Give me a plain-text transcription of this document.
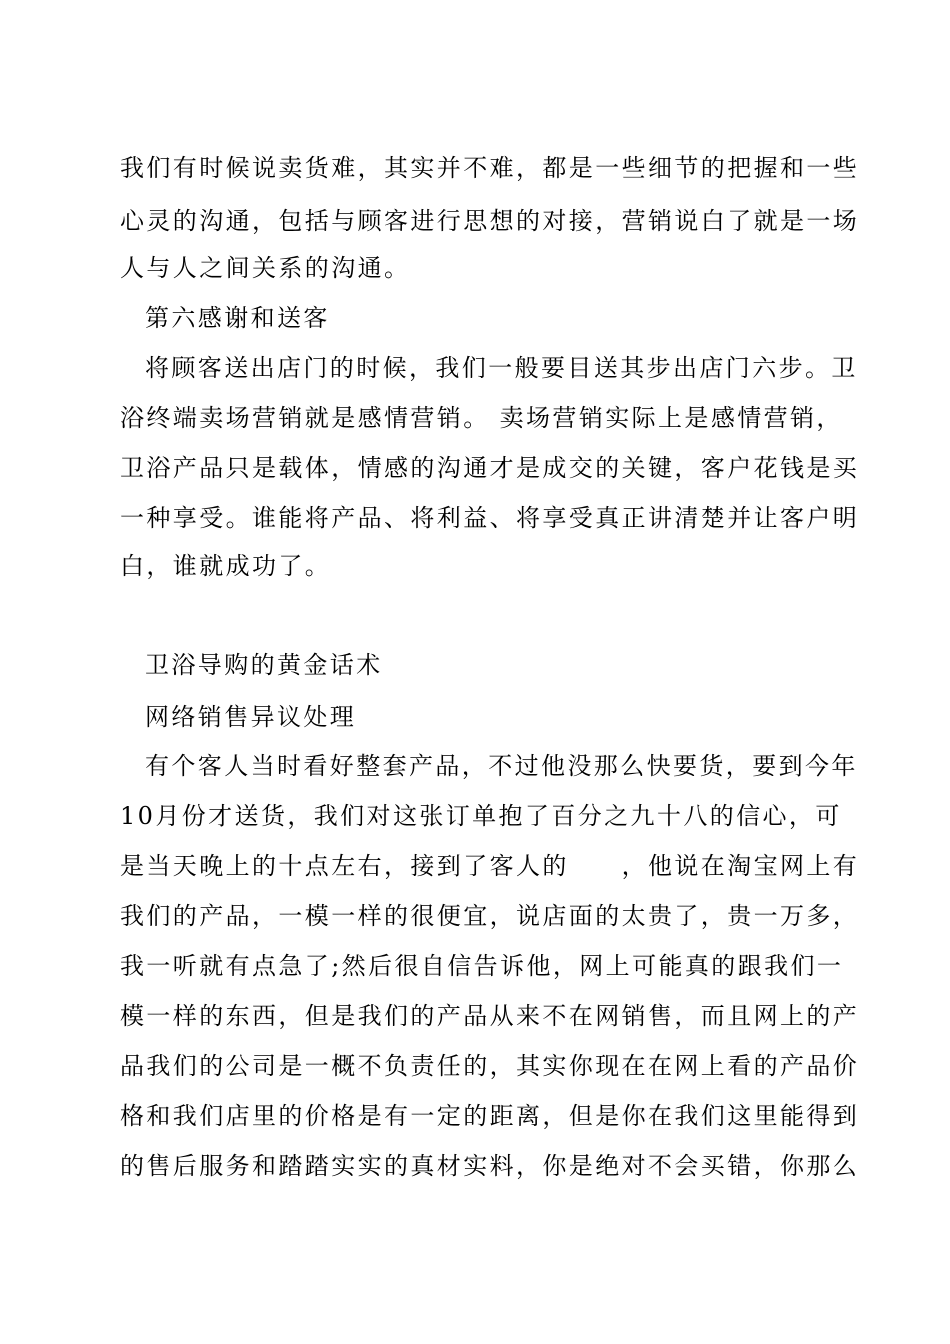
我们有时候说卖货难，其实并不难，都是一些细节的把握和一些
心灵的沟通，包括与顾客进行思想的对接，营销说白了就是一场
人与人之间关系的沟通。
第六感谢和送客
将顾客送出店门的时候，我们一般要目送其步出店门六步。卫
浴终端卖场营销就是感情营销。 卖场营销实际上是感情营销，
卫浴产品只是载体，情感的沟通才是成交的关键，客户花钱是买
一种享受。谁能将产品、将利益、将享受真正讲清楚并让客户明
白，谁就成功了。
卫浴导购的黄金话术
网络销售异议处理
有个客人当时看好整套产品，不过他没那么快要货，要到今年
10月份才送货，我们对这张订单抱了百分之九十八的信心，可
是当天晚上的十点左右，接到了客人的　　，他说在淘宝网上有
我们的产品，一模一样的很便宜，说店面的太贵了，贵一万多，
我一听就有点急了;然后很自信告诉他，网上可能真的跟我们一
模一样的东西，但是我们的产品从来不在网销售，而且网上的产
品我们的公司是一概不负责任的，其实你现在在网上看的产品价
格和我们店里的价格是有一定的距离，但是你在我们这里能得到
的售后服务和踏踏实实的真材实料，你是绝对不会买错，你那么
